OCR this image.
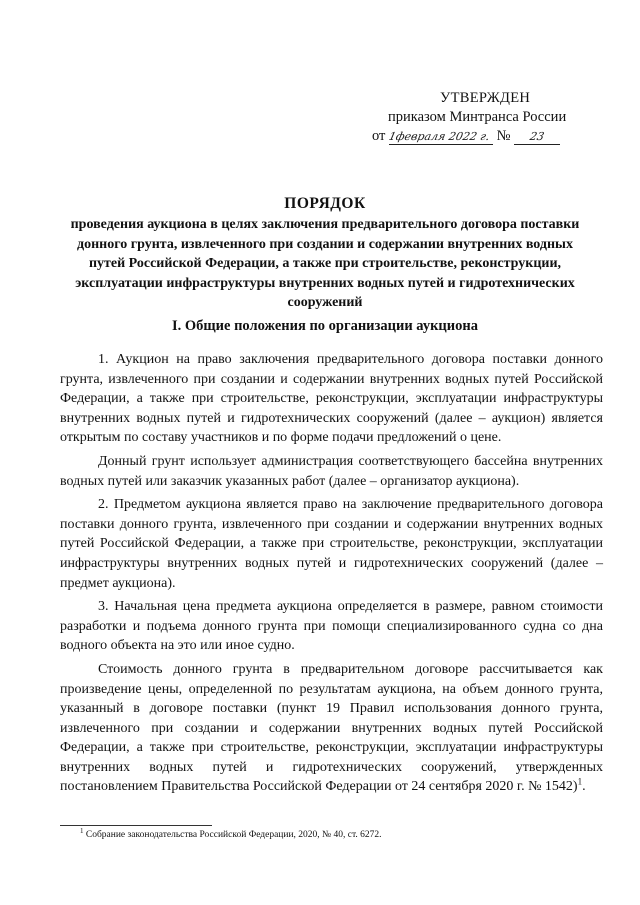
УТВЕРЖДЕН
приказом Минтранса России
от 1февраля 2022 г. № 23
ПОРЯДОК
проведения аукциона в целях заключения предварительного договора поставки донного грунта, извлеченного при создании и содержании внутренних водных путей Российской Федерации, а также при строительстве, реконструкции, эксплуатации инфраструктуры внутренних водных путей и гидротехнических сооружений
I. Общие положения по организации аукциона

1. Аукцион на право заключения предварительного договора поставки донного грунта, извлеченного при создании и содержании внутренних водных путей Российской Федерации, а также при строительстве, реконструкции, эксплуатации инфраструктуры внутренних водных путей и гидротехнических сооружений (далее – аукцион) является открытым по составу участников и по форме подачи предложений о цене.

Донный грунт использует администрация соответствующего бассейна внутренних водных путей или заказчик указанных работ (далее – организатор аукциона).

2. Предметом аукциона является право на заключение предварительного договора поставки донного грунта, извлеченного при создании и содержании внутренних водных путей Российской Федерации, а также при строительстве, реконструкции, эксплуатации инфраструктуры внутренних водных путей и гидротехнических сооружений (далее – предмет аукциона).

3. Начальная цена предмета аукциона определяется в размере, равном стоимости разработки и подъема донного грунта при помощи специализированного судна со дна водного объекта на это или иное судно.

Стоимость донного грунта в предварительном договоре рассчитывается как произведение цены, определенной по результатам аукциона, на объем донного грунта, указанный в договоре поставки (пункт 19 Правил использования донного грунта, извлеченного при создании и содержании внутренних водных путей Российской Федерации, а также при строительстве, реконструкции, эксплуатации инфраструктуры внутренних водных путей и гидротехнических сооружений, утвержденных постановлением Правительства Российской Федерации от 24 сентября 2020 г. № 1542)$^1$.

$^1$ Собрание законодательства Российской Федерации, 2020, № 40, ст. 6272.
